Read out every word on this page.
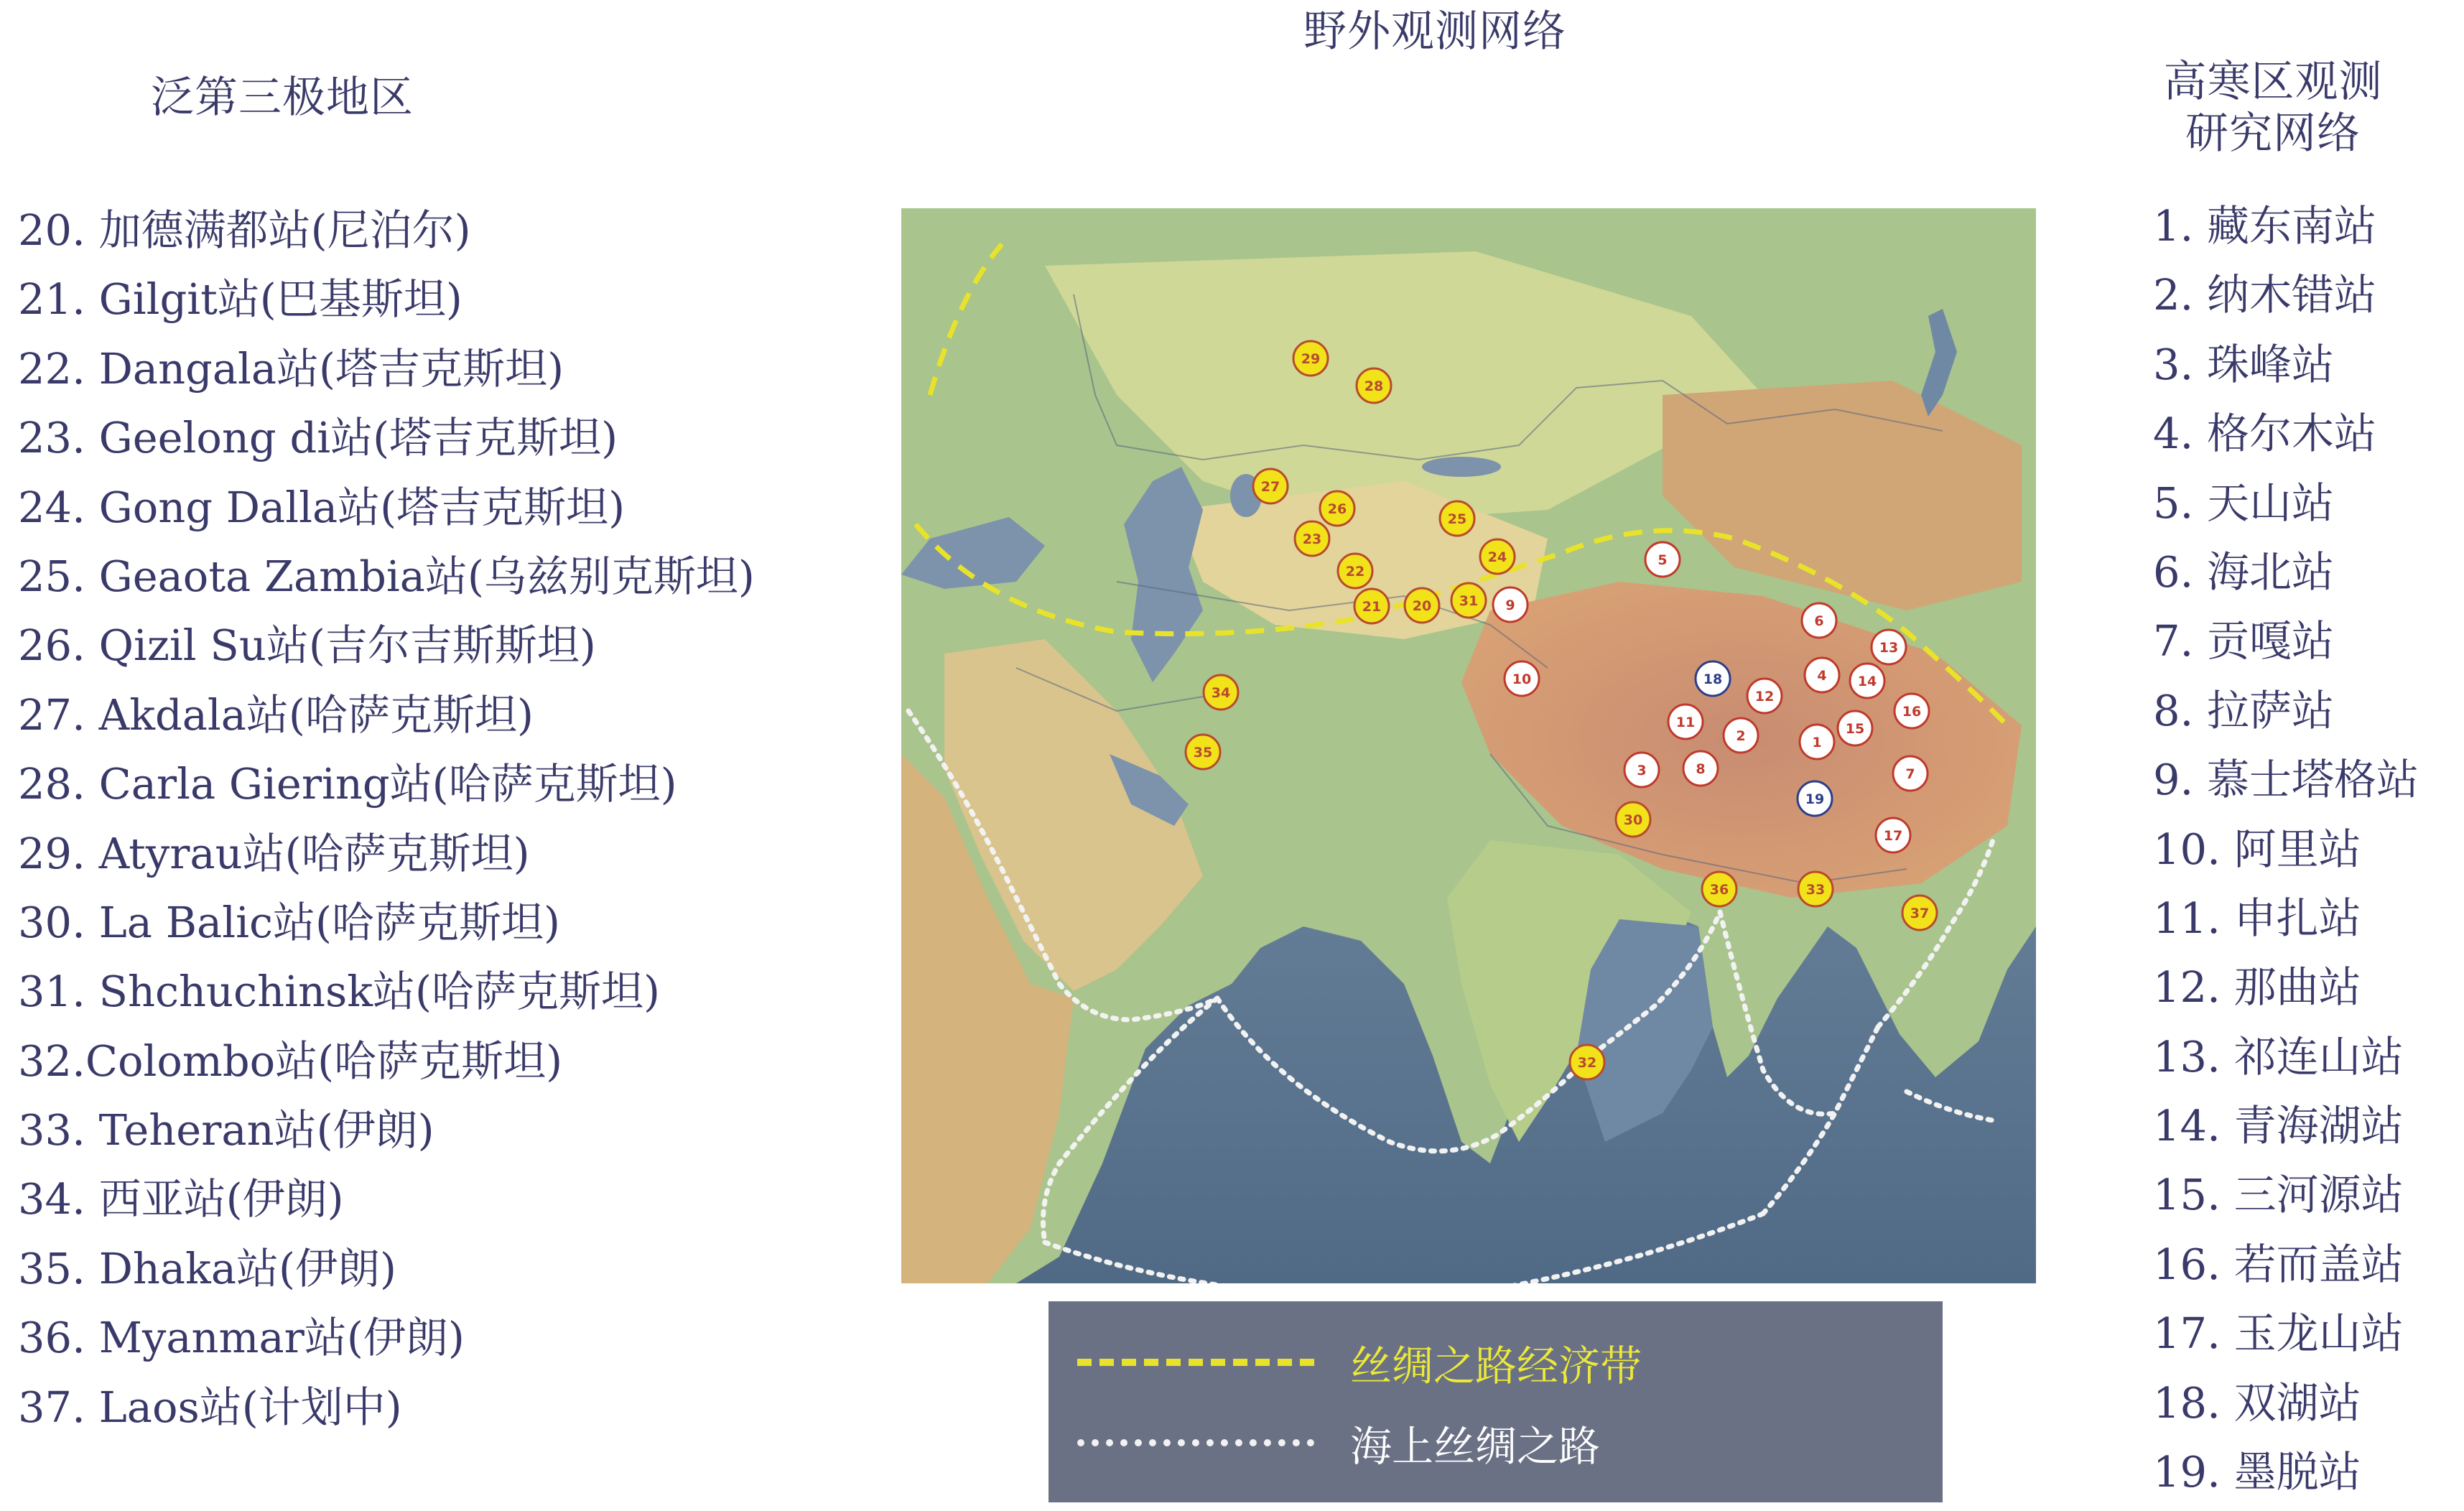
泛第三极地区
野外观测网络
高寒区观测研究网络
20. 加德满都站(尼泊尔)
21. Gilgit站(巴基斯坦)
22. Dangala站(塔吉克斯坦)
23. Geelong di站(塔吉克斯坦)
24. Gong Dalla站(塔吉克斯坦)
25. Geaota Zambia站(乌兹别克斯坦)
26. Qizil Su站(吉尔吉斯斯坦)
27. Akdala站(哈萨克斯坦)
28. Carla Giering站(哈萨克斯坦)
29. Atyrau站(哈萨克斯坦)
30. La Balic站(哈萨克斯坦)
31. Shchuchinsk站(哈萨克斯坦)
32.Colombo站(哈萨克斯坦)
33. Teheran站(伊朗)
34. 西亚站(伊朗)
35. Dhaka站(伊朗)
36. Myanmar站(伊朗)
37. Laos站(计划中)
1. 藏东南站
2. 纳木错站
3. 珠峰站
4. 格尔木站
5. 天山站
6. 海北站
7. 贡嘎站
8. 拉萨站
9. 慕士塔格站
10. 阿里站
11. 申扎站
12. 那曲站
13. 祁连山站
14. 青海湖站
15. 三河源站
16. 若而盖站
17. 玉龙山站
18. 双湖站
19. 墨脱站
29
28
27
26
25
23
24
22
21 20 31
34
35
30
36	33
37
32
5
9
10
6
13
18	4 14
12
16
11	15
2	1
3	8	7
19
17
丝绸之路经济带
海上丝绸之路
